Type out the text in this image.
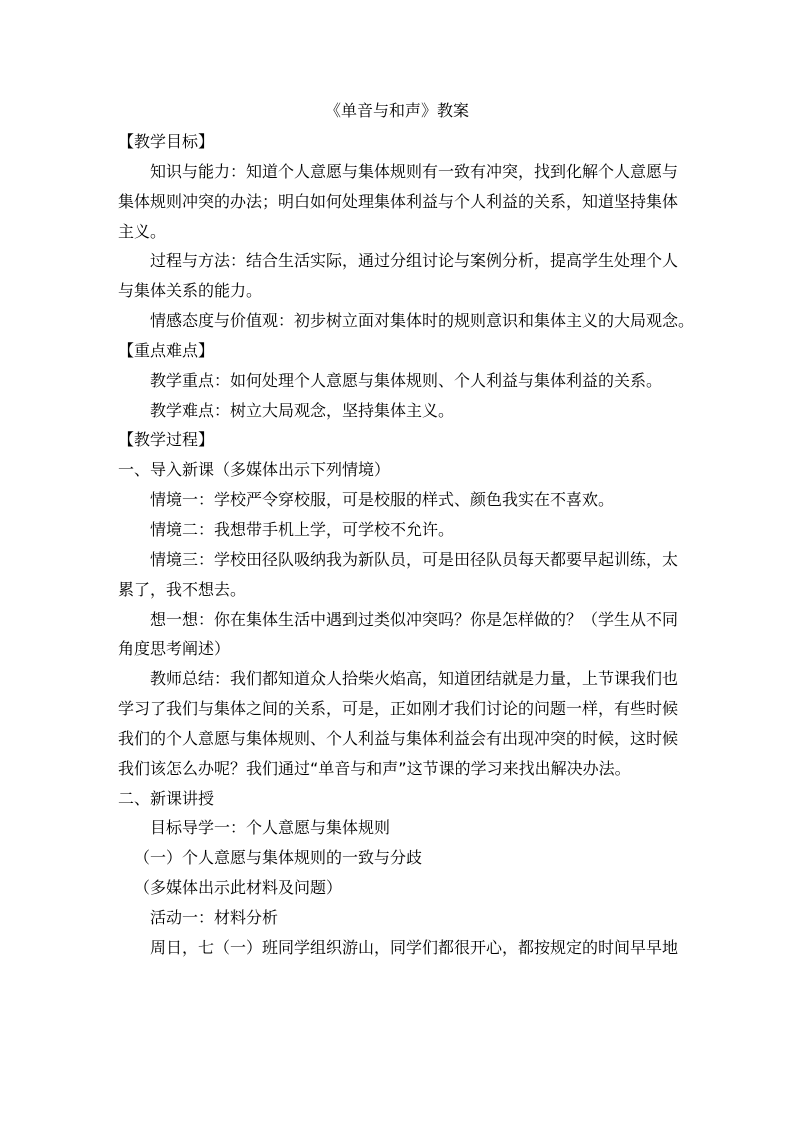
《单音与和声》教案
【教学目标】
知识与能力：知道个人意愿与集体规则有一致有冲突，找到化解个人意愿与
集体规则冲突的办法；明白如何处理集体利益与个人利益的关系，知道坚持集体
主义。
过程与方法：结合生活实际，通过分组讨论与案例分析，提高学生处理个人
与集体关系的能力。
情感态度与价值观：初步树立面对集体时的规则意识和集体主义的大局观念。
【重点难点】
教学重点：如何处理个人意愿与集体规则、个人利益与集体利益的关系。
教学难点：树立大局观念，坚持集体主义。
【教学过程】
一、导入新课（多媒体出示下列情境）
情境一：学校严令穿校服，可是校服的样式、颜色我实在不喜欢。
情境二：我想带手机上学，可学校不允许。
情境三：学校田径队吸纳我为新队员，可是田径队员每天都要早起训练，太
累了，我不想去。
想一想：你在集体生活中遇到过类似冲突吗？你是怎样做的？（学生从不同
角度思考阐述）
教师总结：我们都知道众人拾柴火焰高，知道团结就是力量，上节课我们也
学习了我们与集体之间的关系，可是，正如刚才我们讨论的问题一样，有些时候
我们的个人意愿与集体规则、个人利益与集体利益会有出现冲突的时候，这时候
我们该怎么办呢？我们通过“单音与和声”这节课的学习来找出解决办法。
二、新课讲授
目标导学一：个人意愿与集体规则
（一）个人意愿与集体规则的一致与分歧
（多媒体出示此材料及问题）
活动一：材料分析
周日，七（一）班同学组织游山，同学们都很开心，都按规定的时间早早地
